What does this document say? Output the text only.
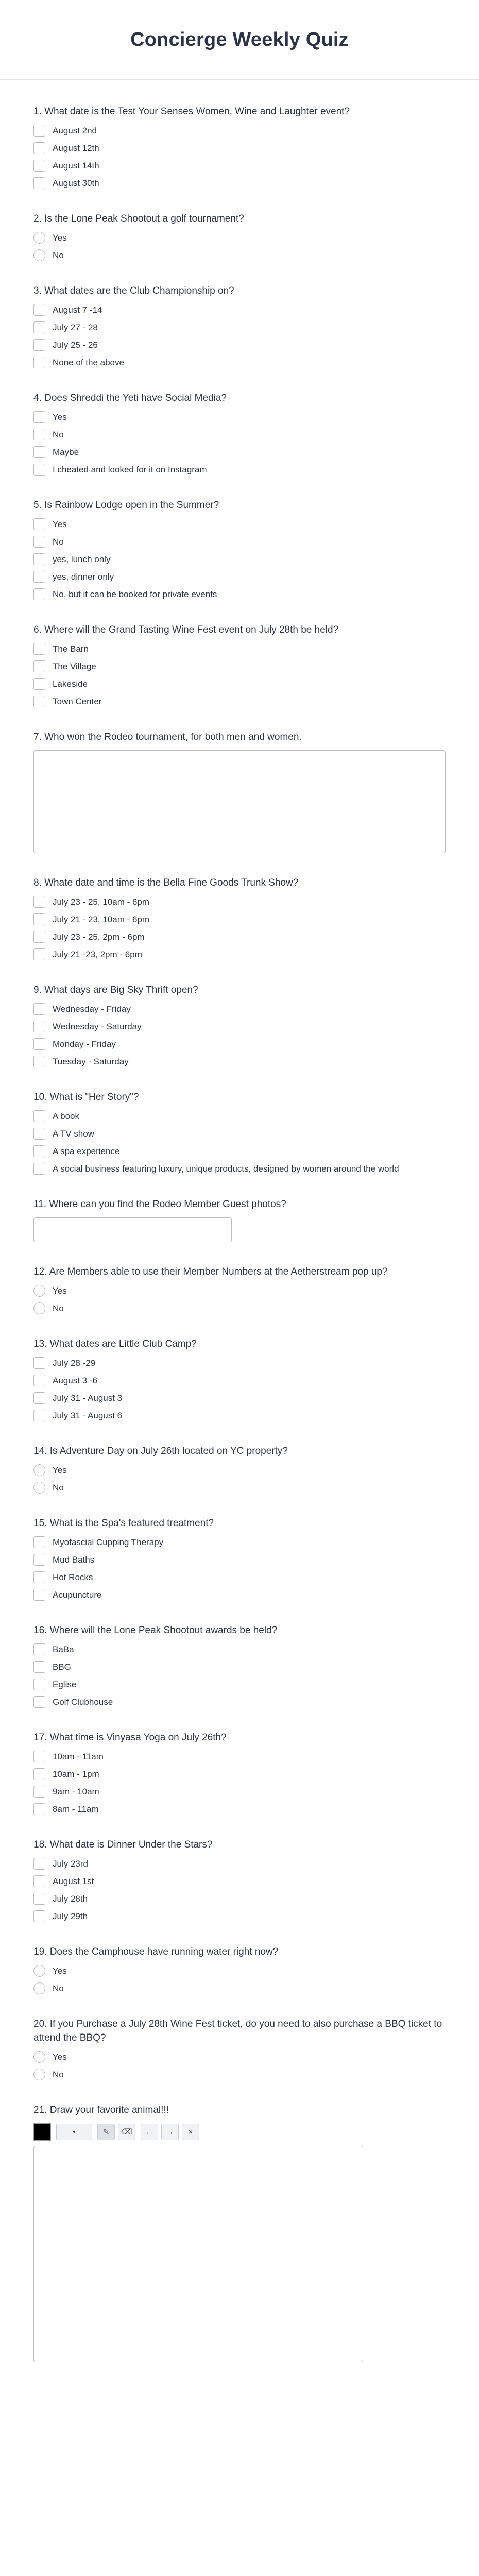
Concierge Weekly Quiz
1. What date is the Test Your Senses Women, Wine and Laughter event?
August 2nd
August 12th
August 14th
August 30th
2. Is the Lone Peak Shootout a golf tournament?
Yes
No
3. What dates are the Club Championship on?
August 7 -14
July 27 - 28
July 25 - 26
None of the above
4. Does Shreddi the Yeti have Social Media?
Yes
No
Maybe
I cheated and looked for it on Instagram
5. Is Rainbow Lodge open in the Summer?
Yes
No
yes, lunch only
yes, dinner only
No, but it can be booked for private events
6. Where will the Grand Tasting Wine Fest event on July 28th be held?
The Barn
The Village
Lakeside
Town Center
7. Who won the Rodeo tournament, for both men and women.
8. Whate date and time is the Bella Fine Goods Trunk Show?
July 23 - 25, 10am - 6pm
July 21 - 23, 10am - 6pm
July 23 - 25, 2pm - 6pm
July 21 -23, 2pm - 6pm
9. What days are Big Sky Thrift open?
Wednesday - Friday
Wednesday - Saturday
Monday - Friday
Tuesday - Saturday
10. What is "Her Story"?
A book
A TV show
A spa experience
A social business featuring luxury, unique products, designed by women around the world
11. Where can you find the Rodeo Member Guest photos?
12. Are Members able to use their Member Numbers at the Aetherstream pop up?
Yes
No
13. What dates are Little Club Camp?
July 28 -29
August 3 -6
July 31 - August 3
July 31 - August 6
14. Is Adventure Day on July 26th located on YC property?
Yes
No
15. What is the Spa's featured treatment?
Myofascial Cupping Therapy
Mud Baths
Hot Rocks
Acupuncture
16. Where will the Lone Peak Shootout awards be held?
BaBa
BBG
Eglise
Golf Clubhouse
17. What time is Vinyasa Yoga on July 26th?
10am - 11am
10am - 1pm
9am - 10am
8am - 11am
18. What date is Dinner Under the Stars?
July 23rd
August 1st
July 28th
July 29th
19. Does the Camphouse have running water right now?
Yes
No
20. If you Purchase a July 28th Wine Fest ticket, do you need to also purchase a BBQ ticket to attend the BBQ?
Yes
No
21. Draw your favorite animal!!!
•	✎	⌫	←	→	×
